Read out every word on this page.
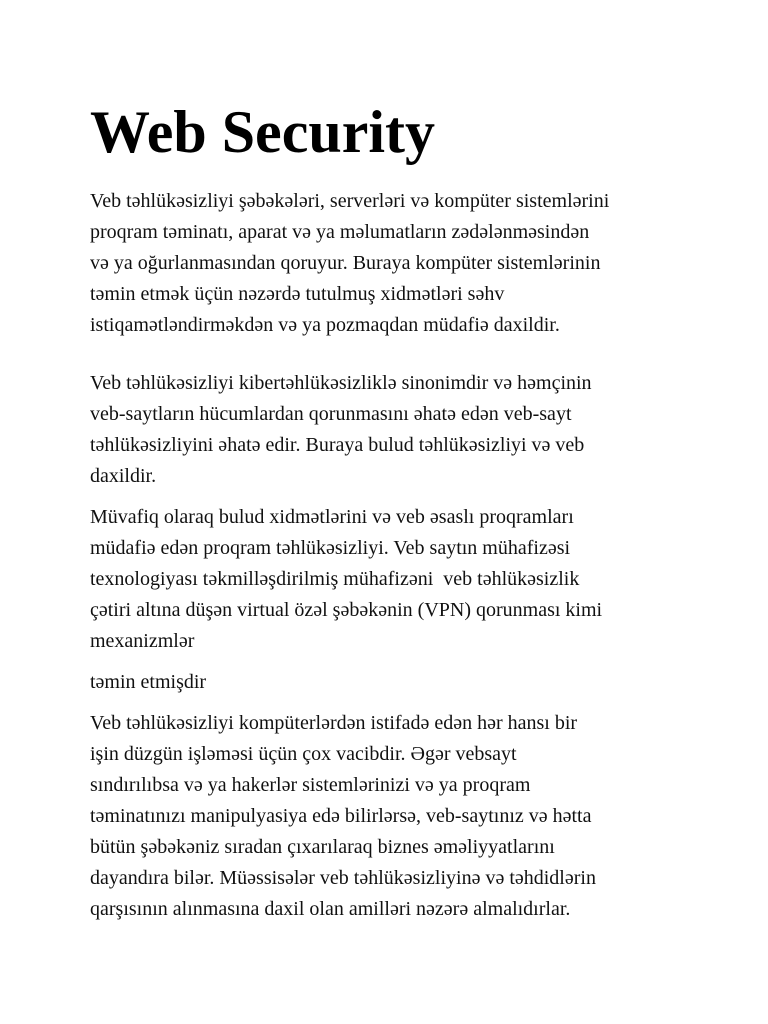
Web Security

Veb təhlükəsizliyi şəbəkələri, serverləri və kompüter sistemlərini
proqram təminatı, aparat və ya məlumatların zədələnməsindən
və ya oğurlanmasından qoruyur. Buraya kompüter sistemlərinin
təmin etmək üçün nəzərdə tutulmuş xidmətləri səhv
istiqamətləndirməkdən və ya pozmaqdan müdafiə daxildir.

Veb təhlükəsizliyi kibertəhlükəsizliklə sinonimdir və həmçinin
veb-saytların hücumlardan qorunmasını əhatə edən veb-sayt
təhlükəsizliyini əhatə edir. Buraya bulud təhlükəsizliyi və veb
daxildir.

Müvafiq olaraq bulud xidmətlərini və veb əsaslı proqramları
müdafiə edən proqram təhlükəsizliyi. Veb saytın mühafizəsi
texnologiyası təkmilləşdirilmiş mühafizəni  veb təhlükəsizlik
çətiri altına düşən virtual özəl şəbəkənin (VPN) qorunması kimi
mexanizmlər

təmin etmişdir

Veb təhlükəsizliyi kompüterlərdən istifadə edən hər hansı bir
işin düzgün işləməsi üçün çox vacibdir. Əgər vebsayt
sındırılıbsa və ya hakerlər sistemlərinizi və ya proqram
təminatınızı manipulyasiya edə bilirlərsə, veb-saytınız və hətta
bütün şəbəkəniz sıradan çıxarılaraq biznes əməliyyatlarını
dayandıra bilər. Müəssisələr veb təhlükəsizliyinə və təhdidlərin
qarşısının alınmasına daxil olan amilləri nəzərə almalıdırlar.
